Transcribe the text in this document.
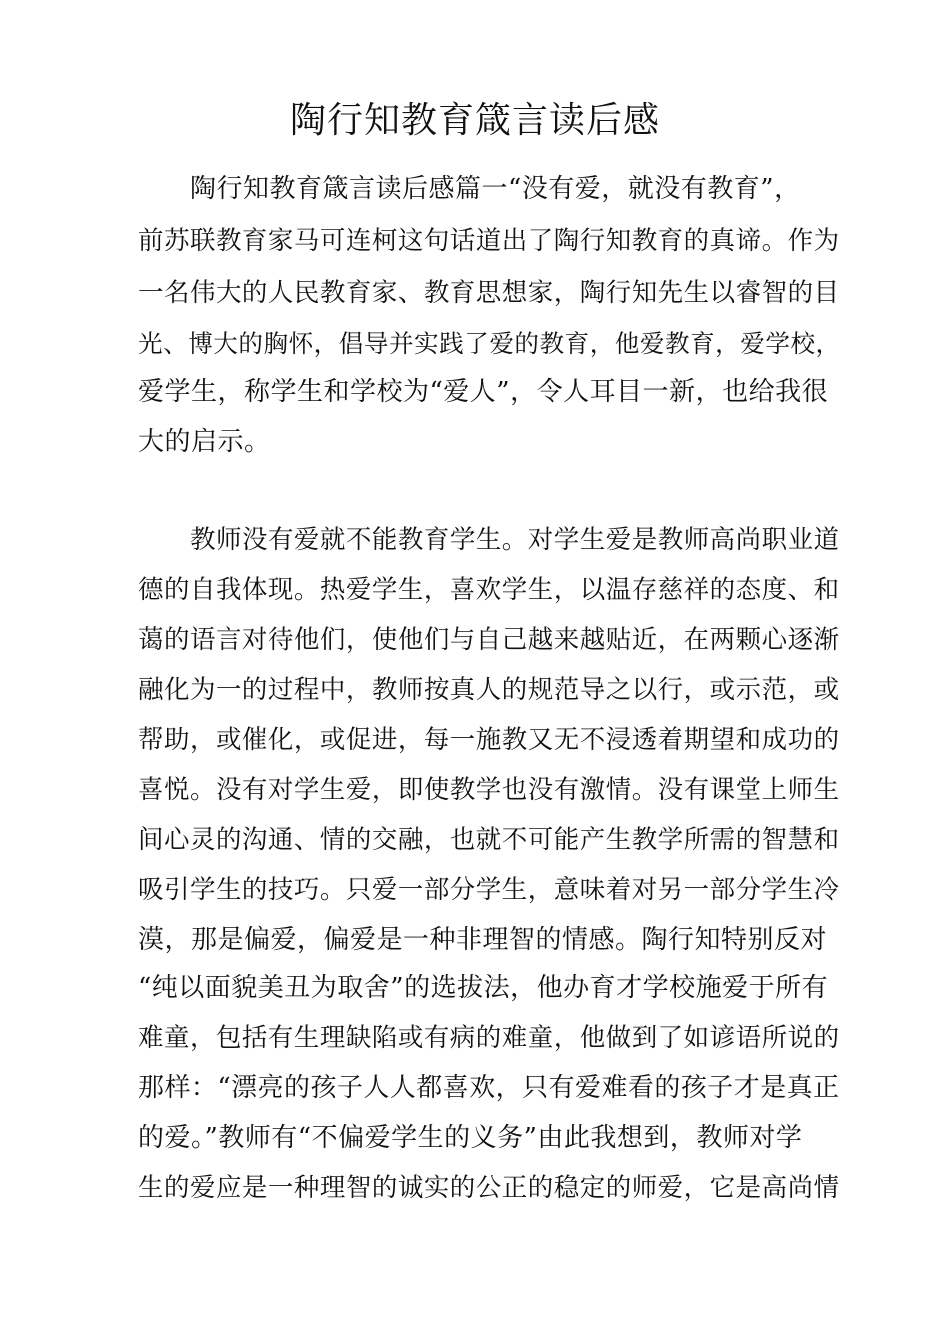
陶行知教育箴言读后感
陶行知教育箴言读后感篇一“没有爱，就没有教育”，
前苏联教育家马可连柯这句话道出了陶行知教育的真谛。作为
一名伟大的人民教育家、教育思想家，陶行知先生以睿智的目
光、博大的胸怀，倡导并实践了爱的教育，他爱教育，爱学校，
爱学生，称学生和学校为“爱人”，令人耳目一新，也给我很
大的启示。
教师没有爱就不能教育学生。对学生爱是教师高尚职业道
德的自我体现。热爱学生，喜欢学生，以温存慈祥的态度、和
蔼的语言对待他们，使他们与自己越来越贴近，在两颗心逐渐
融化为一的过程中，教师按真人的规范导之以行，或示范，或
帮助，或催化，或促进，每一施教又无不浸透着期望和成功的
喜悦。没有对学生爱，即使教学也没有激情。没有课堂上师生
间心灵的沟通、情的交融，也就不可能产生教学所需的智慧和
吸引学生的技巧。只爱一部分学生，意味着对另一部分学生冷
漠，那是偏爱，偏爱是一种非理智的情感。陶行知特别反对
“纯以面貌美丑为取舍”的选拔法，他办育才学校施爱于所有
难童，包括有生理缺陷或有病的难童，他做到了如谚语所说的
那样：“漂亮的孩子人人都喜欢，只有爱难看的孩子才是真正
的爱。”教师有“不偏爱学生的义务”由此我想到，教师对学
生的爱应是一种理智的诚实的公正的稳定的师爱，它是高尚情
